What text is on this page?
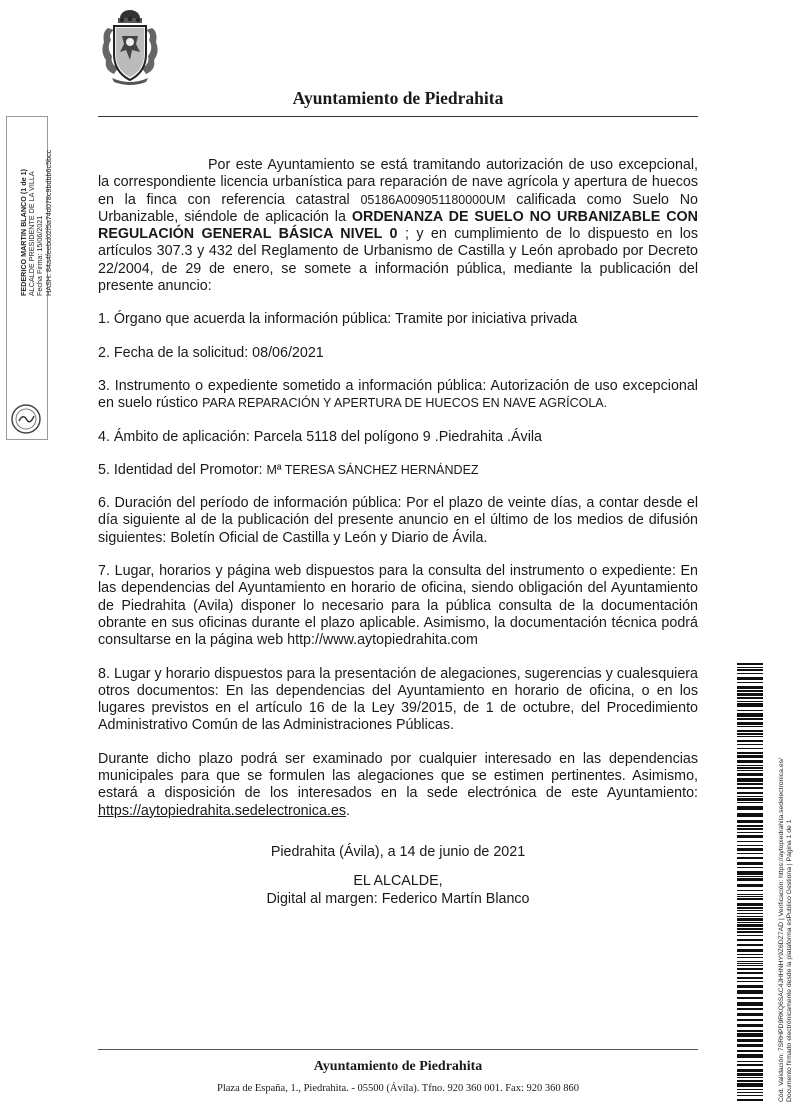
Ayuntamiento de Piedrahita

Por este Ayuntamiento se está tramitando autorización de uso excepcional, la correspondiente licencia urbanística para reparación de nave agrícola y apertura de huecos en la finca con referencia catastral 05186A009051180000UM calificada como Suelo No Urbanizable, siéndole de aplicación la ORDENANZA DE SUELO NO URBANIZABLE CON REGULACIÓN GENERAL BÁSICA NIVEL 0 ; y en cumplimiento de lo dispuesto en los artículos 307.3 y 432 del Reglamento de Urbanismo de Castilla y León aprobado por Decreto 22/2004, de 29 de enero, se somete a información pública, mediante la publicación del presente anuncio:

1. Órgano que acuerda la información pública: Tramite por iniciativa privada

2. Fecha de la solicitud: 08/06/2021

3. Instrumento o expediente sometido a información pública: Autorización de uso excepcional en suelo rústico PARA REPARACIÓN Y APERTURA DE HUECOS EN NAVE AGRÍCOLA.

4. Ámbito de aplicación: Parcela 5118 del polígono 9 .Piedrahita .Ávila

5. Identidad del Promotor: Mª TERESA SÁNCHEZ HERNÁNDEZ

6. Duración del período de información pública: Por el plazo de veinte días, a contar desde el día siguiente al de la publicación del presente anuncio en el último de los medios de difusión siguientes: Boletín Oficial de Castilla y León y Diario de Ávila.

7. Lugar, horarios y página web dispuestos para la consulta del instrumento o expediente: En las dependencias del Ayuntamiento en horario de oficina, siendo obligación del Ayuntamiento de Piedrahita (Avila) disponer lo necesario para la pública consulta de la documentación obrante en sus oficinas durante el plazo aplicable. Asimismo, la documentación técnica podrá consultarse en la página web http://www.aytopiedrahita.com

8. Lugar y horario dispuestos para la presentación de alegaciones, sugerencias y cualesquiera otros documentos: En las dependencias del Ayuntamiento en horario de oficina, o en los lugares previstos en el artículo 16 de la Ley 39/2015, de 1 de octubre, del Procedimiento Administrativo Común de las Administraciones Públicas.

Durante dicho plazo podrá ser examinado por cualquier interesado en las dependencias municipales para que se formulen las alegaciones que se estimen pertinentes. Asimismo, estará a disposición de los interesados en la sede electrónica de este Ayuntamiento: https://aytopiedrahita.sedelectronica.es.

Piedrahita (Ávila), a 14 de junio de 2021

EL ALCALDE,

Digital al margen: Federico Martín Blanco

Ayuntamiento de Piedrahita
Plaza de España, 1., Piedrahita. - 05500 (Ávila). Tfno. 920 360 001. Fax: 920 360 860
FEDERICO MARTIN BLANCO (1 de 1) ALCALDE PRESIDENTE DE LA VILLA Fecha Firma: 15/06/2021 HASH: 84a4feebd02f5a74d078c9bdbb6c5bcc
Cód. Validación: 7SRHPD9RKQ6SAC4JHHNHY9Z6DZ7AD | Verificación: https://aytopiedrahita.sedelectronica.es/ Documento firmado electrónicamente desde la plataforma esPublico Gestiona | Página 1 de 1
